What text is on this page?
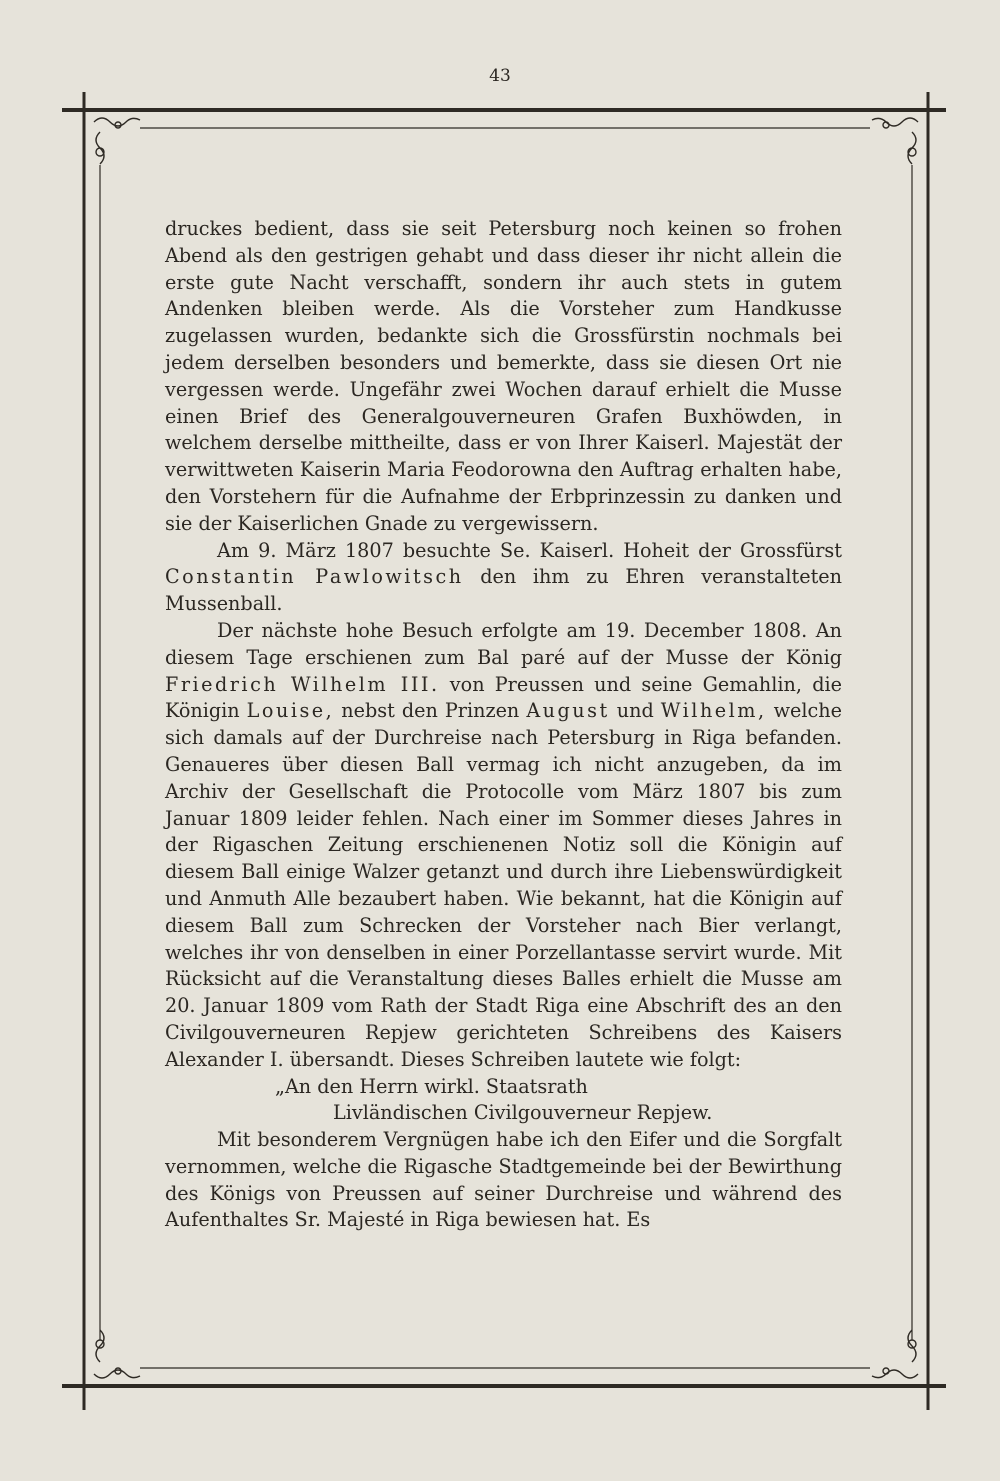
43

druckes bedient, dass sie seit Petersburg noch keinen so frohen Abend als den gestrigen gehabt und dass dieser ihr nicht allein die erste gute Nacht verschafft, sondern ihr auch stets in gutem Andenken bleiben werde. Als die Vorsteher zum Handkusse zugelassen wurden, bedankte sich die Grossfürstin nochmals bei jedem derselben besonders und bemerkte, dass sie diesen Ort nie vergessen werde. Ungefähr zwei Wochen darauf erhielt die Musse einen Brief des Generalgouverneuren Grafen Buxhöwden, in welchem derselbe mittheilte, dass er von Ihrer Kaiserl. Majestät der verwittweten Kaiserin Maria Feodorowna den Auftrag erhalten habe, den Vorstehern für die Aufnahme der Erbprinzessin zu danken und sie der Kaiserlichen Gnade zu vergewissern.

Am 9. März 1807 besuchte Se. Kaiserl. Hoheit der Grossfürst Constantin Pawlowitsch den ihm zu Ehren veranstalteten Mussenball.

Der nächste hohe Besuch erfolgte am 19. December 1808. An diesem Tage erschienen zum Bal paré auf der Musse der König Friedrich Wilhelm III. von Preussen und seine Gemahlin, die Königin Louise, nebst den Prinzen August und Wilhelm, welche sich damals auf der Durchreise nach Petersburg in Riga befanden. Genaueres über diesen Ball vermag ich nicht anzugeben, da im Archiv der Gesellschaft die Protocolle vom März 1807 bis zum Januar 1809 leider fehlen. Nach einer im Sommer dieses Jahres in der Rigaschen Zeitung erschienenen Notiz soll die Königin auf diesem Ball einige Walzer getanzt und durch ihre Liebenswürdigkeit und Anmuth Alle bezaubert haben. Wie bekannt, hat die Königin auf diesem Ball zum Schrecken der Vorsteher nach Bier verlangt, welches ihr von denselben in einer Porzellantasse servirt wurde. Mit Rücksicht auf die Veranstaltung dieses Balles erhielt die Musse am 20. Januar 1809 vom Rath der Stadt Riga eine Abschrift des an den Civilgouverneuren Repjew gerichteten Schreibens des Kaisers Alexander I. übersandt. Dieses Schreiben lautete wie folgt:

„An den Herrn wirkl. Staatsrath

Livländischen Civilgouverneur Repjew.

Mit besonderem Vergnügen habe ich den Eifer und die Sorgfalt vernommen, welche die Rigasche Stadtgemeinde bei der Bewirthung des Königs von Preussen auf seiner Durchreise und während des Aufenthaltes Sr. Majesté in Riga bewiesen hat. Es
